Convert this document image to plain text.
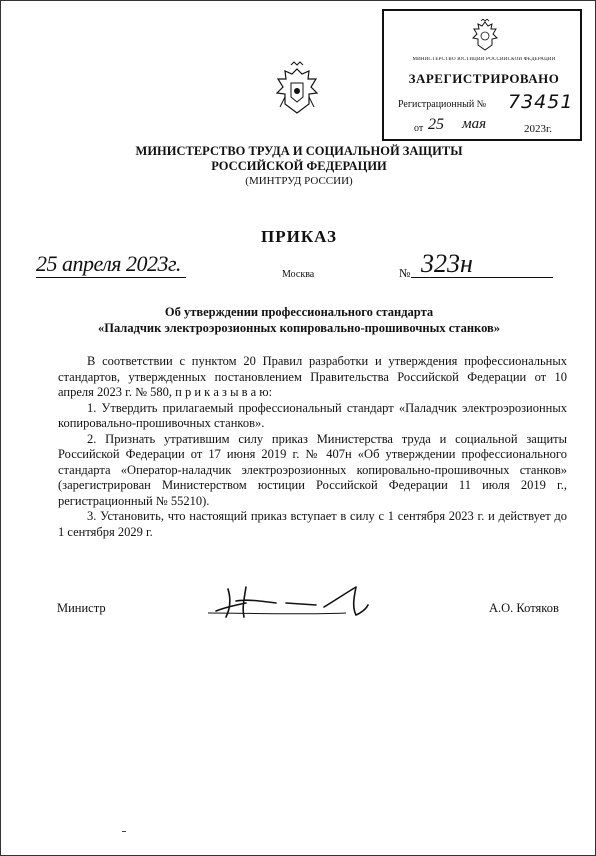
МИНИСТЕРСТВО ЮСТИЦИИ РОССИЙСКОЙ ФЕДЕРАЦИИ
ЗАРЕГИСТРИРОВАНО
Регистрационный № 73451
от 25 мая	2023г.
МИНИСТЕРСТВО ТРУДА И СОЦИАЛЬНОЙ ЗАЩИТЫ
РОССИЙСКОЙ ФЕДЕРАЦИИ
(МИНТРУД РОССИИ)
ПРИКАЗ
25 апреля 2023г.	Москва	№ 323н
Об утверждении профессионального стандарта
«Паладчик электроэрозионных копировально-прошивочных станков»

В соответствии с пунктом 20 Правил разработки и утверждения профессиональных стандартов, утвержденных постановлением Правительства Российской Федерации от 10 апреля 2023 г. № 580, п р и к а з ы в а ю:

1. Утвердить прилагаемый профессиональный стандарт «Паладчик электроэрозионных копировально-прошивочных станков».

2. Признать утратившим силу приказ Министерства труда и социальной защиты Российской Федерации от 17 июня 2019 г. № 407н «Об утверждении профессионального стандарта «Оператор-наладчик электроэрозионных копировально-прошивочных станков» (зарегистрирован Министерством юстиции Российской Федерации 11 июля 2019 г., регистрационный № 55210).

3. Установить, что настоящий приказ вступает в силу с 1 сентября 2023 г. и действует до 1 сентября 2029 г.

Министр	А.О. Котяков
